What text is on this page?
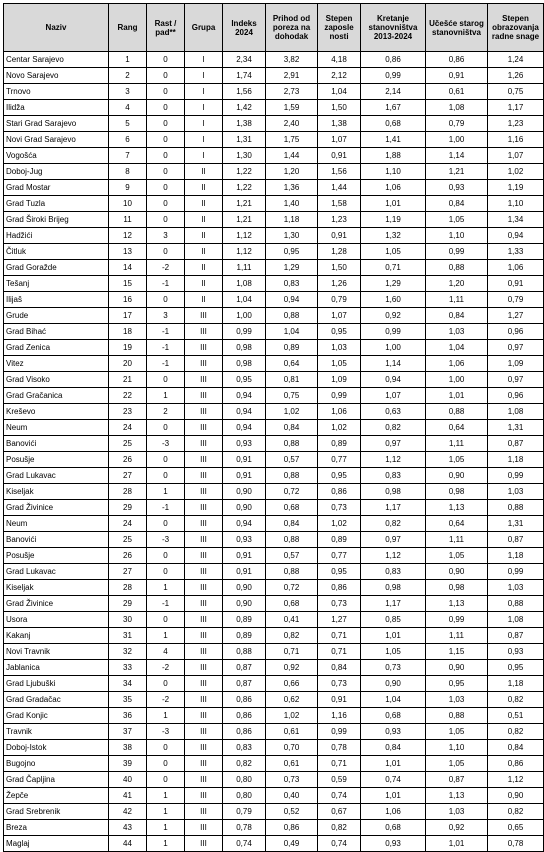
Naziv	Rang	Rast / pad**	Grupa	Indeks 2024	Prihod od poreza na dohodak	Stepen zaposle nosti	Kretanje stanovništva 2013-2024	Učešće starog stanovništva	Stepen obrazovanja radne snage
Centar Sarajevo	1	0	I	2,34	3,82	4,18	0,86	0,86	1,24
Novo Sarajevo	2	0	I	1,74	2,91	2,12	0,99	0,91	1,26
Trnovo	3	0	I	1,56	2,73	1,04	2,14	0,61	0,75
Ilidža	4	0	I	1,42	1,59	1,50	1,67	1,08	1,17
Stari Grad Sarajevo	5	0	I	1,38	2,40	1,38	0,68	0,79	1,23
Novi Grad Sarajevo	6	0	I	1,31	1,75	1,07	1,41	1,00	1,16
Vogošća	7	0	I	1,30	1,44	0,91	1,88	1,14	1,07
Doboj-Jug	8	0	II	1,22	1,20	1,56	1,10	1,21	1,02
Grad Mostar	9	0	II	1,22	1,36	1,44	1,06	0,93	1,19
Grad Tuzla	10	0	II	1,21	1,40	1,58	1,01	0,84	1,10
Grad Široki Brijeg	11	0	II	1,21	1,18	1,23	1,19	1,05	1,34
Hadžići	12	3	II	1,12	1,30	0,91	1,32	1,10	0,94
Čitluk	13	0	II	1,12	0,95	1,28	1,05	0,99	1,33
Grad Goražde	14	-2	II	1,11	1,29	1,50	0,71	0,88	1,06
Tešanj	15	-1	II	1,08	0,83	1,26	1,29	1,20	0,91
Ilijaš	16	0	II	1,04	0,94	0,79	1,60	1,11	0,79
Grude	17	3	III	1,00	0,88	1,07	0,92	0,84	1,27
Grad Bihać	18	-1	III	0,99	1,04	0,95	0,99	1,03	0,96
Grad Zenica	19	-1	III	0,98	0,89	1,03	1,00	1,04	0,97
Vitez	20	-1	III	0,98	0,64	1,05	1,14	1,06	1,09
Grad Visoko	21	0	III	0,95	0,81	1,09	0,94	1,00	0,97
Grad Gračanica	22	1	III	0,94	0,75	0,99	1,07	1,01	0,96
Kreševo	23	2	III	0,94	1,02	1,06	0,63	0,88	1,08
Neum	24	0	III	0,94	0,84	1,02	0,82	0,64	1,31
Banovići	25	-3	III	0,93	0,88	0,89	0,97	1,11	0,87
Posušje	26	0	III	0,91	0,57	0,77	1,12	1,05	1,18
Grad Lukavac	27	0	III	0,91	0,88	0,95	0,83	0,90	0,99
Kiseljak	28	1	III	0,90	0,72	0,86	0,98	0,98	1,03
Grad Živinice	29	-1	III	0,90	0,68	0,73	1,17	1,13	0,88
Neum	24	0	III	0,94	0,84	1,02	0,82	0,64	1,31
Banovići	25	-3	III	0,93	0,88	0,89	0,97	1,11	0,87
Posušje	26	0	III	0,91	0,57	0,77	1,12	1,05	1,18
Grad Lukavac	27	0	III	0,91	0,88	0,95	0,83	0,90	0,99
Kiseljak	28	1	III	0,90	0,72	0,86	0,98	0,98	1,03
Grad Živinice	29	-1	III	0,90	0,68	0,73	1,17	1,13	0,88
Usora	30	0	III	0,89	0,41	1,27	0,85	0,99	1,08
Kakanj	31	1	III	0,89	0,82	0,71	1,01	1,11	0,87
Novi Travnik	32	4	III	0,88	0,71	0,71	1,05	1,15	0,93
Jablanica	33	-2	III	0,87	0,92	0,84	0,73	0,90	0,95
Grad Ljubuški	34	0	III	0,87	0,66	0,73	0,90	0,95	1,18
Grad Gradačac	35	-2	III	0,86	0,62	0,91	1,04	1,03	0,82
Grad Konjic	36	1	III	0,86	1,02	1,16	0,68	0,88	0,51
Travnik	37	-3	III	0,86	0,61	0,99	0,93	1,05	0,82
Doboj-Istok	38	0	III	0,83	0,70	0,78	0,84	1,10	0,84
Bugojno	39	0	III	0,82	0,61	0,71	1,01	1,05	0,86
Grad Čapljina	40	0	III	0,80	0,73	0,59	0,74	0,87	1,12
Žepče	41	1	III	0,80	0,40	0,74	1,01	1,13	0,90
Grad Srebrenik	42	1	III	0,79	0,52	0,67	1,06	1,03	0,82
Breza	43	1	III	0,78	0,86	0,82	0,68	0,92	0,65
Maglaj	44	1	III	0,74	0,49	0,74	0,93	1,01	0,78
